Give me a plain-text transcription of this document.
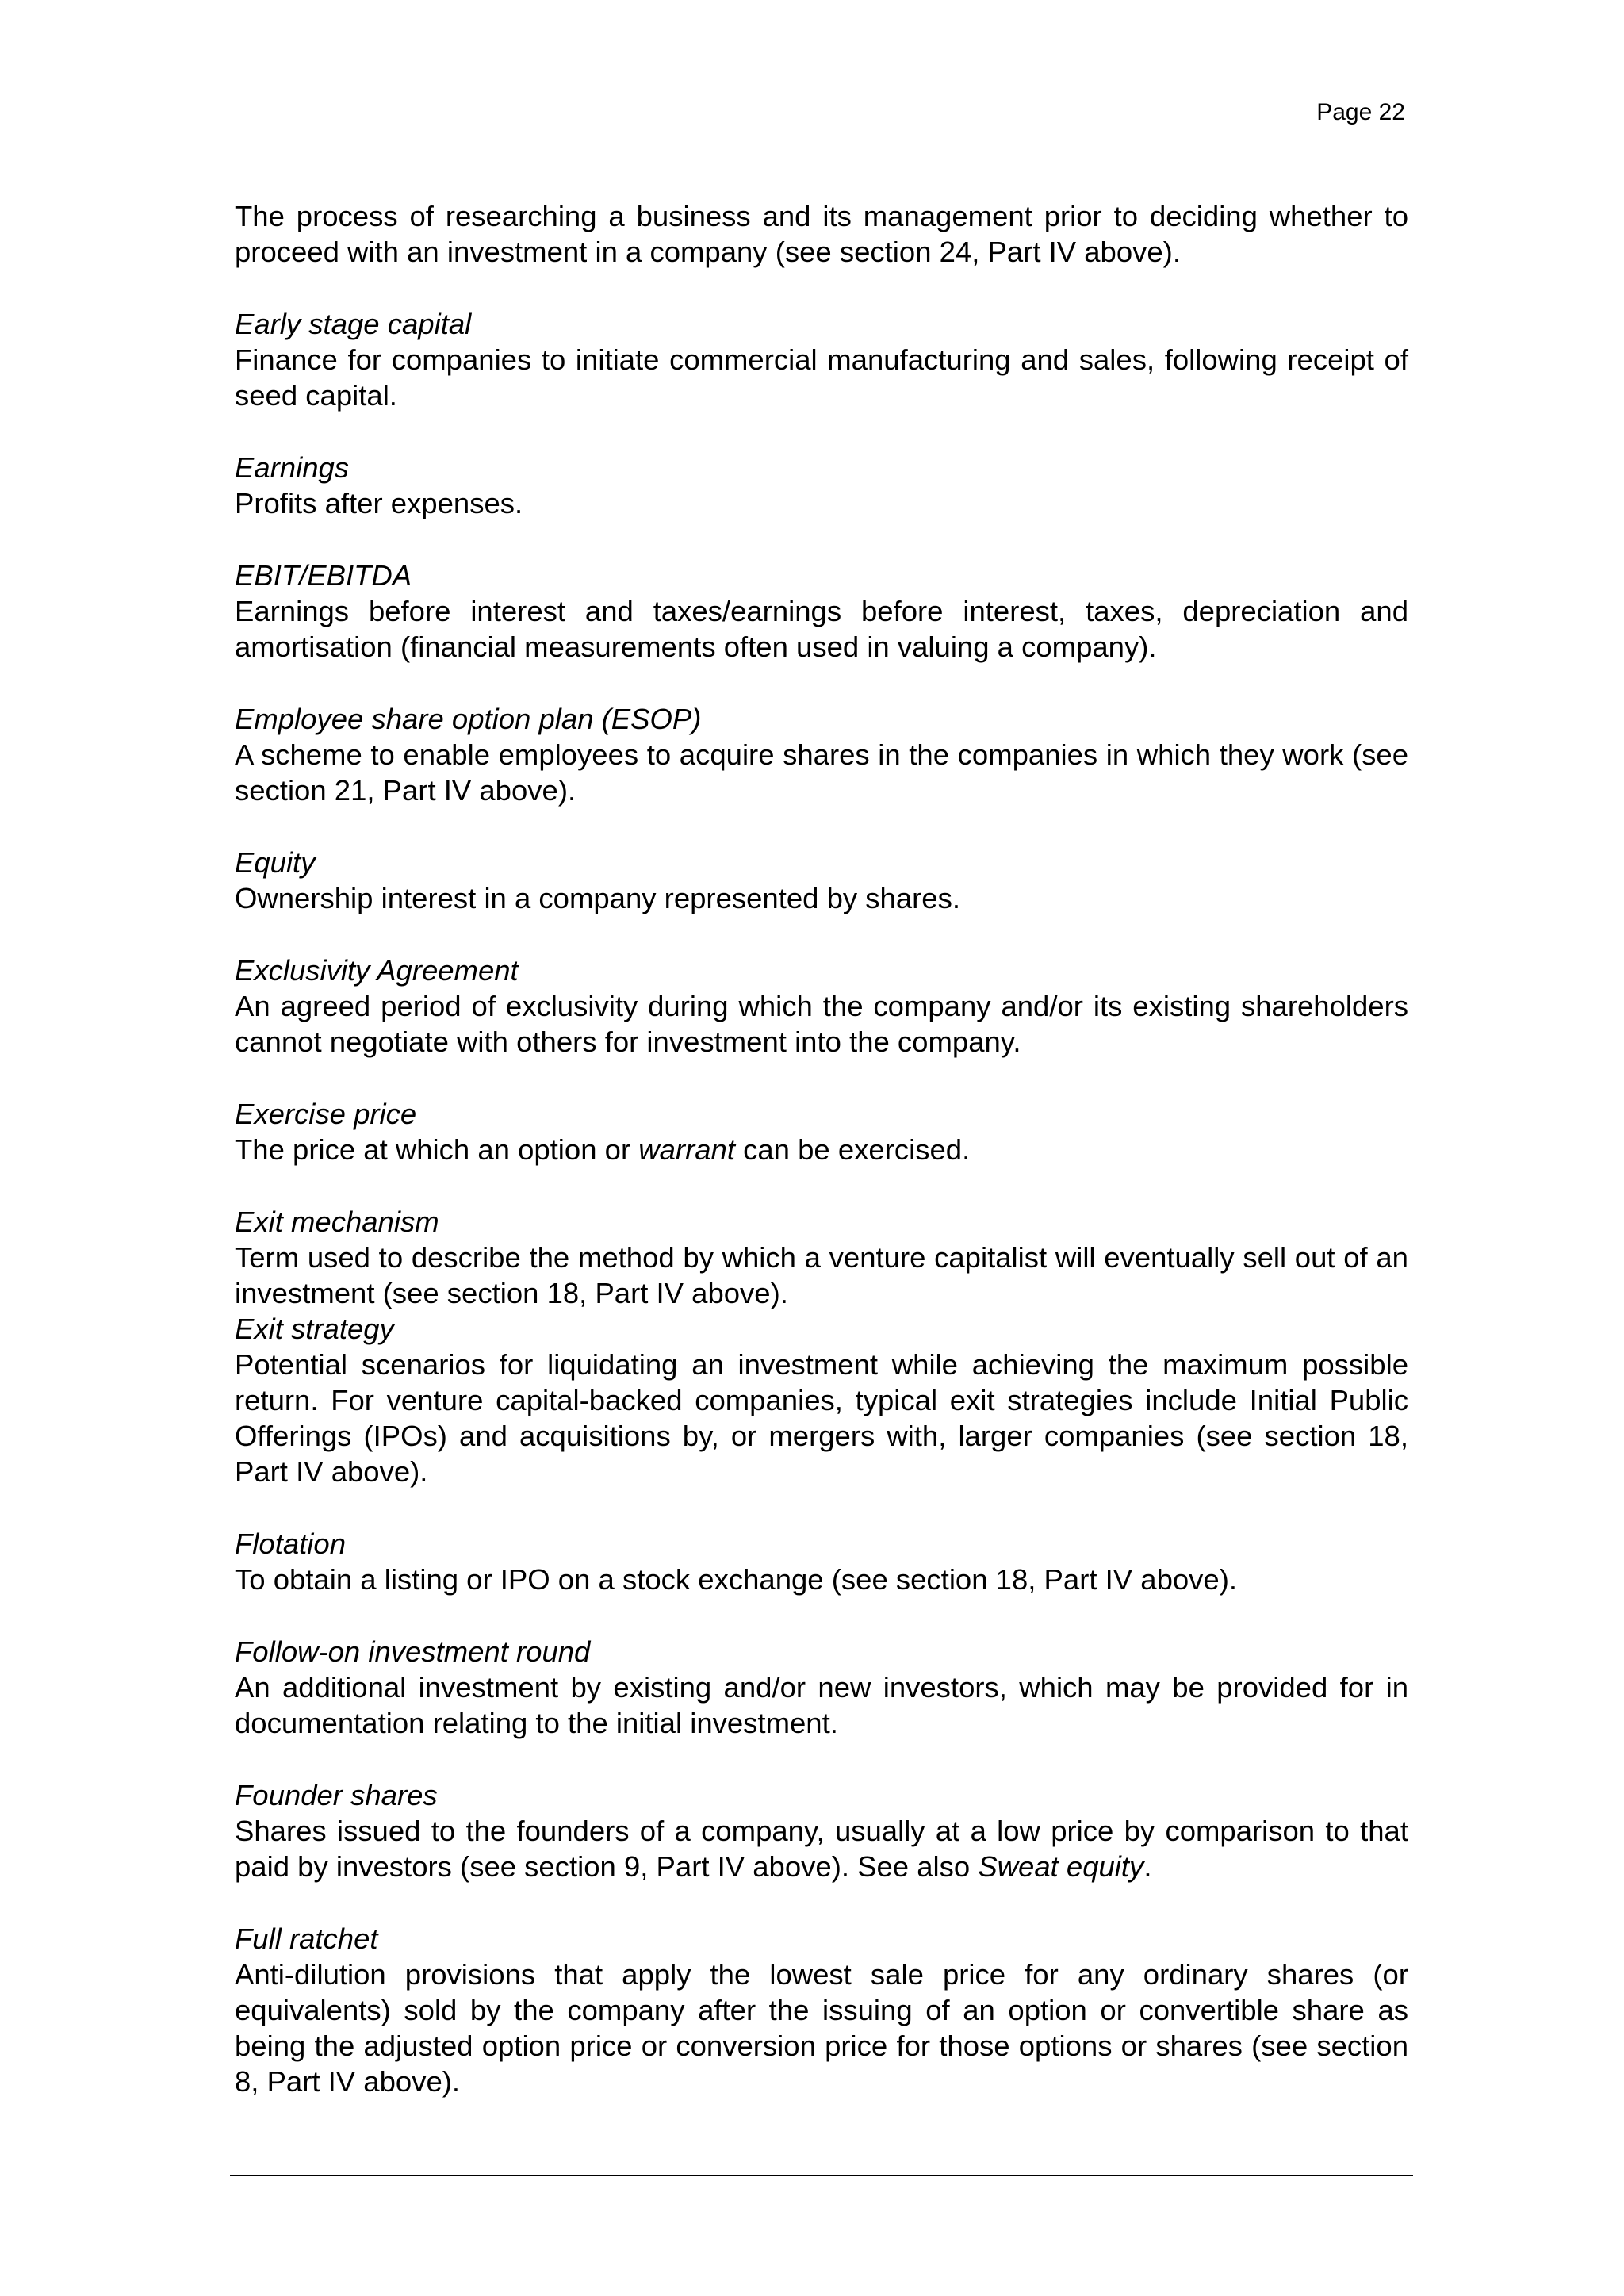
Page 22

The process of researching a business and its management prior to deciding whether to proceed with an investment in a company (see section 24, Part IV above).

Early stage capital

Finance for companies to initiate commercial manufacturing and sales, following receipt of seed capital.

Earnings

Profits after expenses.

EBIT/EBITDA

Earnings before interest and taxes/earnings before interest, taxes, depreciation and amortisation (financial measurements often used in valuing a company).

Employee share option plan (ESOP)

A scheme to enable employees to acquire shares in the companies in which they work (see section 21, Part IV above).

Equity

Ownership interest in a company represented by shares.

Exclusivity Agreement

An agreed period of exclusivity during which the company and/or its existing shareholders cannot negotiate with others for investment into the company.

Exercise price

The price at which an option or warrant can be exercised.

Exit mechanism

Term used to describe the method by which a venture capitalist will eventually sell out of an investment (see section 18, Part IV above).

Exit strategy

Potential scenarios for liquidating an investment while achieving the maximum possible return. For venture capital-backed companies, typical exit strategies include Initial Public Offerings (IPOs) and acquisitions by, or mergers with, larger companies (see section 18, Part IV above).

Flotation

To obtain a listing or IPO on a stock exchange (see section 18, Part IV above).

Follow-on investment round

An additional investment by existing and/or new investors, which may be provided for in documentation relating to the initial investment.

Founder shares

Shares issued to the founders of a company, usually at a low price by comparison to that paid by investors (see section 9, Part IV above). See also Sweat equity.

Full ratchet

Anti-dilution provisions that apply the lowest sale price for any ordinary shares (or equivalents) sold by the company after the issuing of an option or convertible share as being the adjusted option price or conversion price for those options or shares (see section 8, Part IV above).
